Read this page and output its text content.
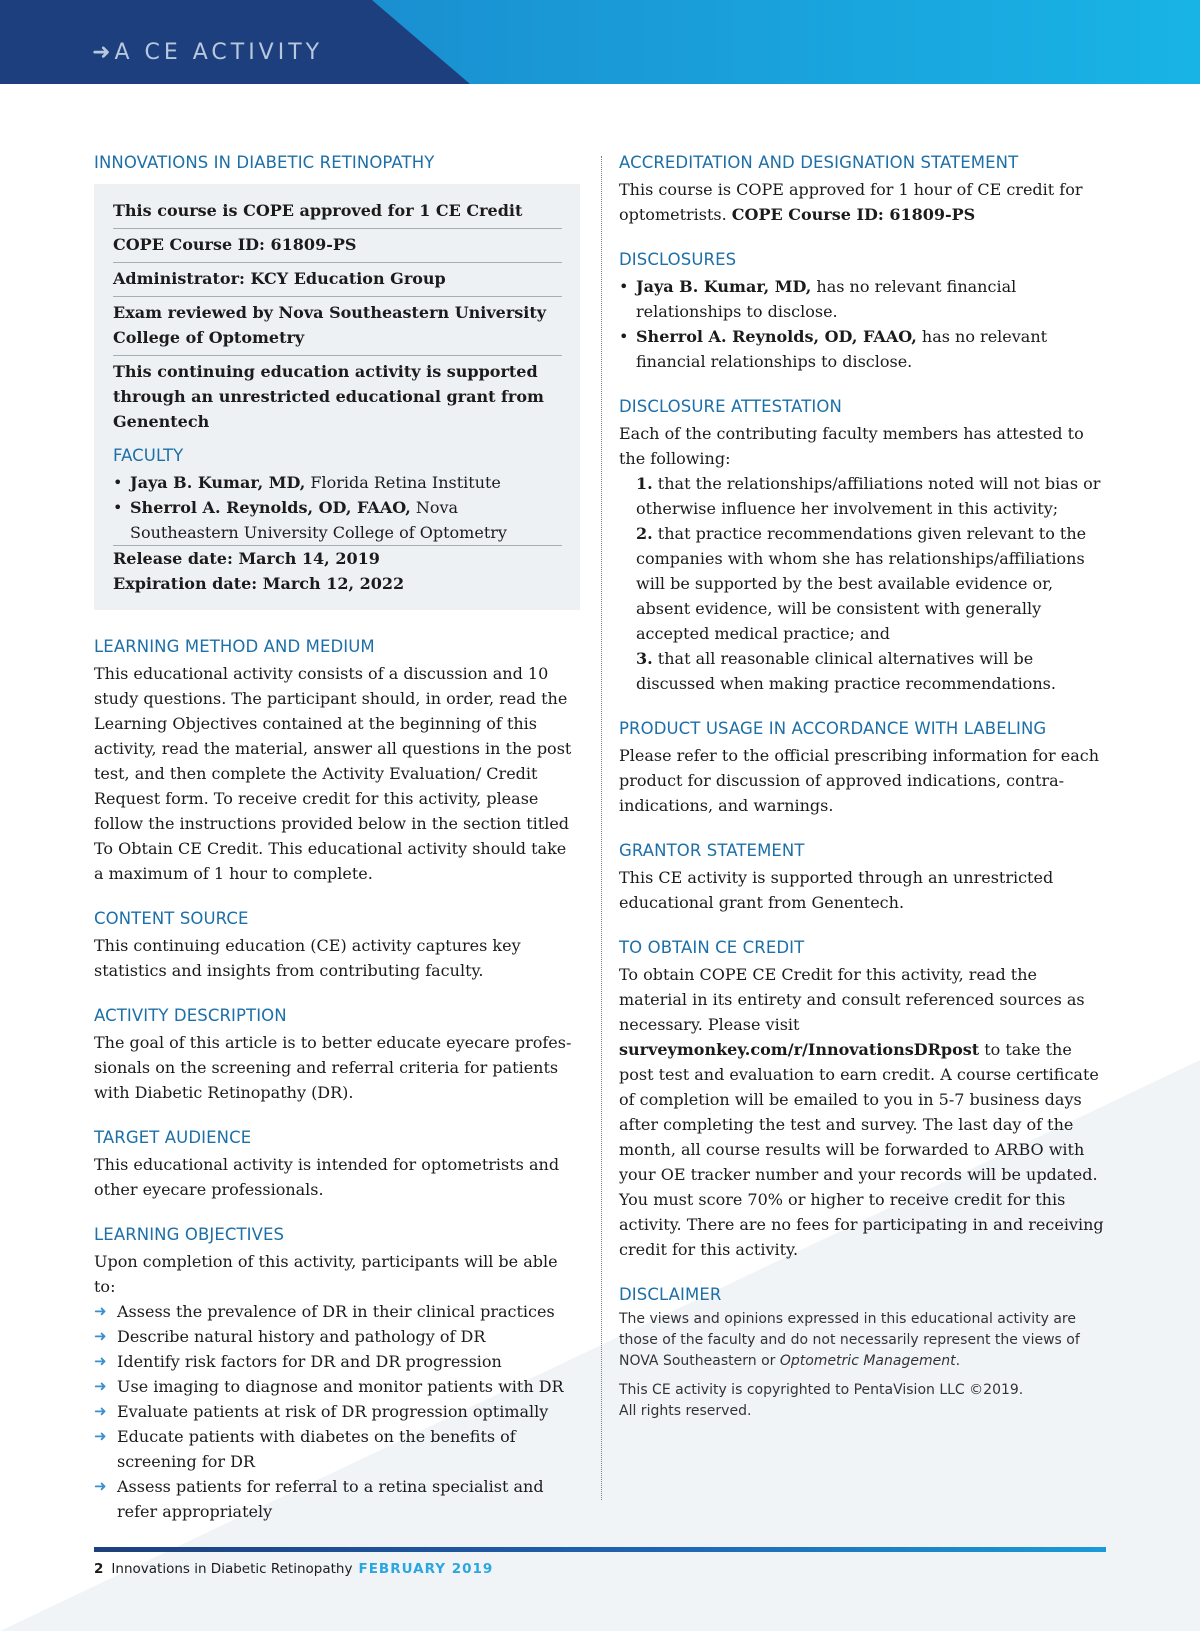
➜ A CE ACTIVITY
INNOVATIONS IN DIABETIC RETINOPATHY
This course is COPE approved for 1 CE Credit
COPE Course ID: 61809-PS
Administrator: KCY Education Group
Exam reviewed by Nova Southeastern University College of Optometry
This continuing education activity is supported through an unrestricted educational grant from Genentech
FACULTY
• Jaya B. Kumar, MD, Florida Retina Institute
• Sherrol A. Reynolds, OD, FAAO, Nova Southeastern University College of Optometry
Release date: March 14, 2019
Expiration date: March 12, 2022
LEARNING METHOD AND MEDIUM

This educational activity consists of a discussion and 10 study questions. The participant should, in order, read the Learning Objectives contained at the beginning of this activity, read the material, answer all questions in the post test, and then complete the Activity Evaluation/ Credit Request form. To receive credit for this activity, please follow the instructions provided below in the section titled To Obtain CE Credit. This educational activity should take a maximum of 1 hour to complete.

CONTENT SOURCE

This continuing education (CE) activity captures key statistics and insights from contributing faculty.

ACTIVITY DESCRIPTION

The goal of this article is to better educate eyecare profes-sionals on the screening and referral criteria for patients with Diabetic Retinopathy (DR).

TARGET AUDIENCE

This educational activity is intended for optometrists and other eyecare professionals.

LEARNING OBJECTIVES

Upon completion of this activity, participants will be able to:

➜ Assess the prevalence of DR in their clinical practices
➜ Describe natural history and pathology of DR
➜ Identify risk factors for DR and DR progression
➜ Use imaging to diagnose and monitor patients with DR
➜ Evaluate patients at risk of DR progression optimally
➜ Educate patients with diabetes on the benefits of screening for DR
➜ Assess patients for referral to a retina specialist and refer appropriately
ACCREDITATION AND DESIGNATION STATEMENT

This course is COPE approved for 1 hour of CE credit for optometrists. COPE Course ID: 61809-PS

DISCLOSURES
• Jaya B. Kumar, MD, has no relevant financial relationships to disclose.
• Sherrol A. Reynolds, OD, FAAO, has no relevant financial relationships to disclose.
DISCLOSURE ATTESTATION

Each of the contributing faculty members has attested to the following:

1. that the relationships/affiliations noted will not bias or otherwise influence her involvement in this activity;
2. that practice recommendations given relevant to the companies with whom she has relationships/affiliations will be supported by the best available evidence or, absent evidence, will be consistent with generally accepted medical practice; and
3. that all reasonable clinical alternatives will be discussed when making practice recommendations.
PRODUCT USAGE IN ACCORDANCE WITH LABELING

Please refer to the official prescribing information for each product for discussion of approved indications, contra-indications, and warnings.

GRANTOR STATEMENT

This CE activity is supported through an unrestricted educational grant from Genentech.

TO OBTAIN CE CREDIT

To obtain COPE CE Credit for this activity, read the material in its entirety and consult referenced sources as necessary. Please visit surveymonkey.com/r/InnovationsDRpost to take the post test and evaluation to earn credit. A course certificate of completion will be emailed to you in 5-7 business days after completing the test and survey. The last day of the month, all course results will be forwarded to ARBO with your OE tracker number and your records will be updated. You must score 70% or higher to receive credit for this activity. There are no fees for participating in and receiving credit for this activity.

DISCLAIMER

The views and opinions expressed in this educational activity are those of the faculty and do not necessarily represent the views of NOVA Southeastern or Optometric Management.

This CE activity is copyrighted to PentaVision LLC ©2019.
All rights reserved.

2 Innovations in Diabetic Retinopathy FEBRUARY 2019
